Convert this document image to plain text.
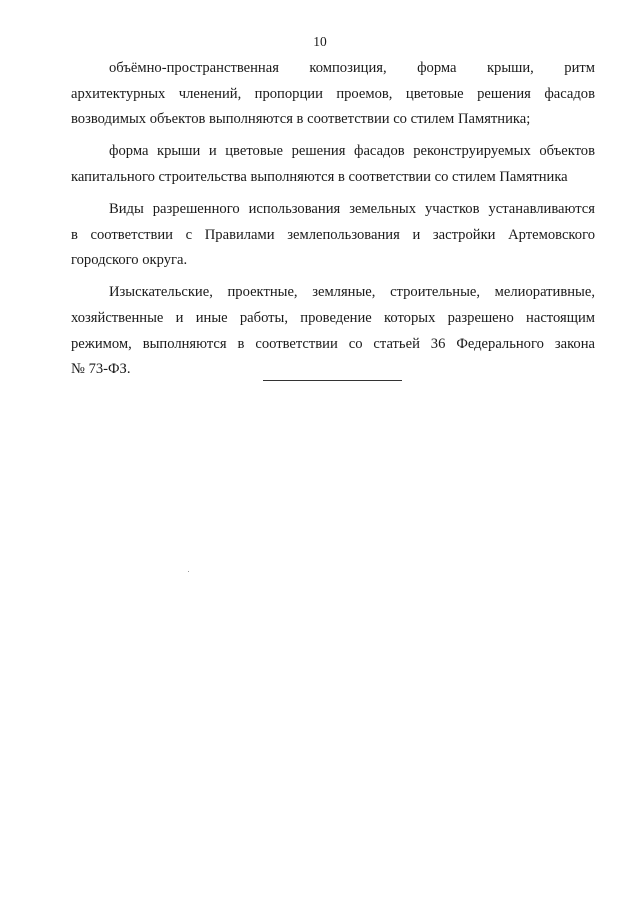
10
объёмно-пространственная композиция, форма крыши, ритм
архитектурных членений, пропорции проемов, цветовые решения фасадов
возводимых объектов выполняются в соответствии со стилем Памятника;
форма крыши и цветовые решения фасадов реконструируемых объектов
капитального строительства выполняются в соответствии со стилем Памятника
Виды разрешенного использования земельных участков устанавливаются
в соответствии с Правилами землепользования и застройки Артемовского
городского округа.
Изыскательские, проектные, земляные, строительные, мелиоративные,
хозяйственные и иные работы, проведение которых разрешено настоящим
режимом, выполняются в соответствии со статьей 36 Федерального закона
№ 73-ФЗ.
